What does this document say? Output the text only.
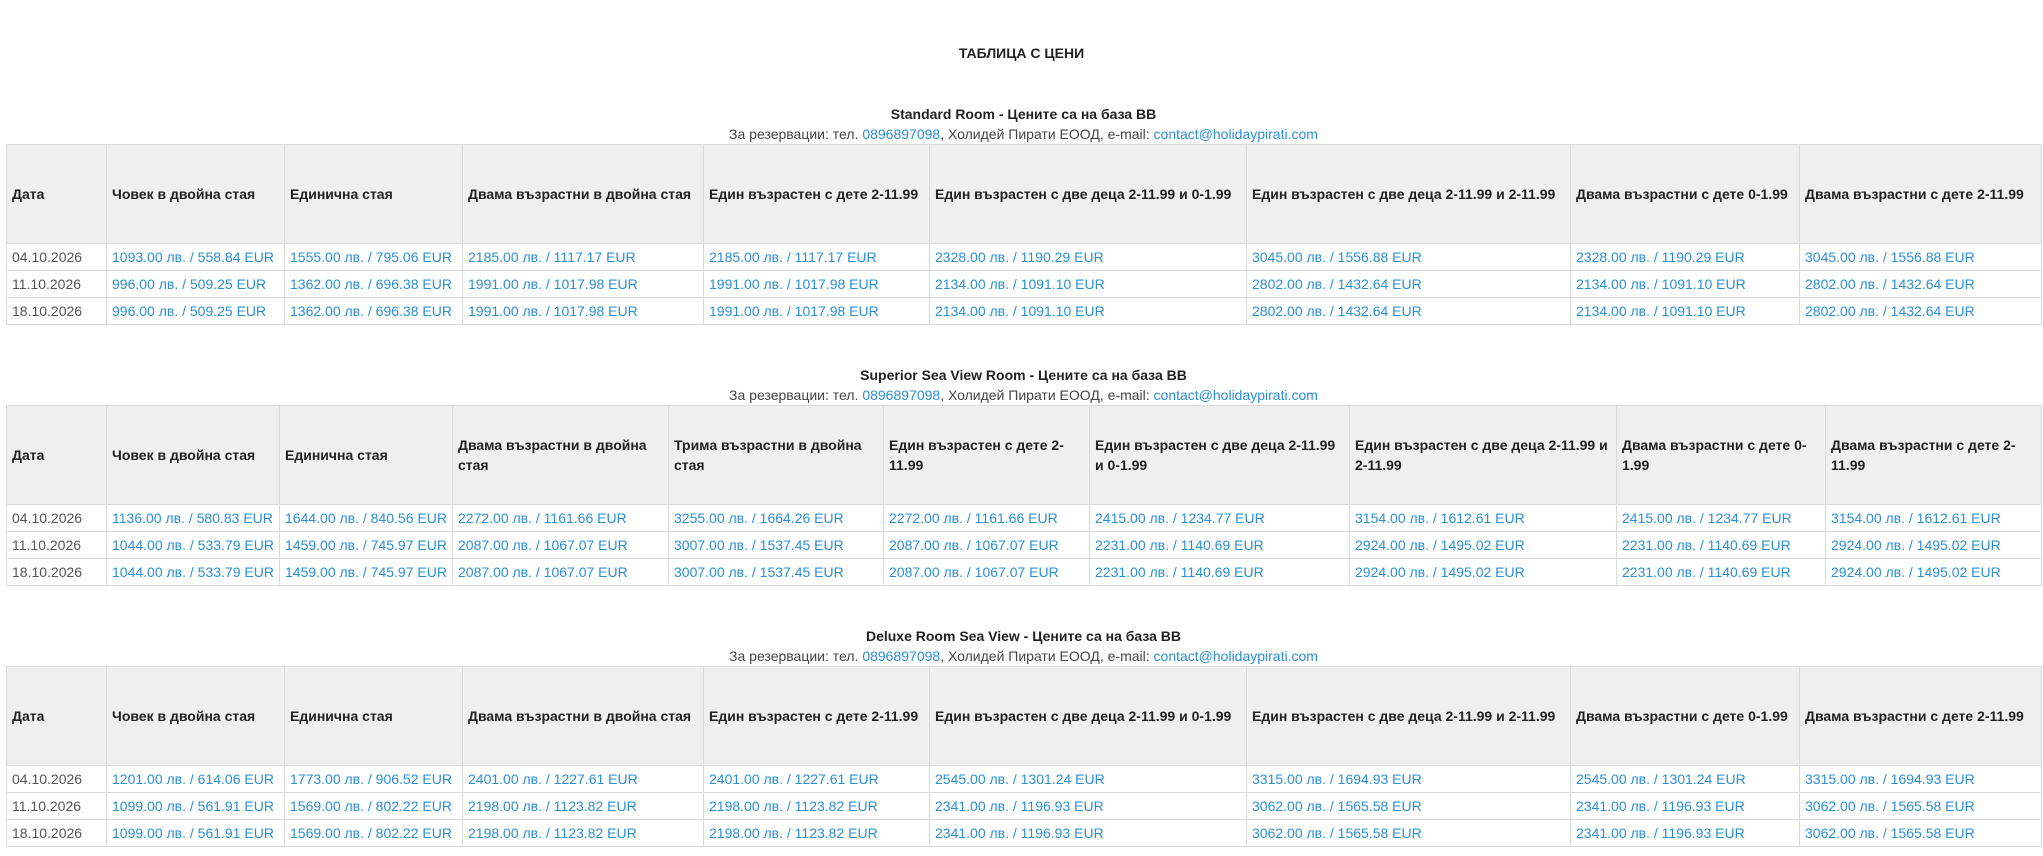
ТАБЛИЦА С ЦЕНИ
Standard Room - Цените са на база BB
За резервации: тел. 0896897098, Холидей Пирати ЕООД, e-mail: contact@holidaypirati.com
Дата	Човек в двойна стая	Единична стая	Двама възрастни в двойна стая	Един възрастен с дете 2-11.99	Един възрастен с две деца 2-11.99 и 0-1.99	Един възрастен с две деца 2-11.99 и 2-11.99	Двама възрастни с дете 0-1.99	Двама възрастни с дете 2-11.99
04.10.2026	1093.00 лв. / 558.84 EUR	1555.00 лв. / 795.06 EUR	2185.00 лв. / 1117.17 EUR	2185.00 лв. / 1117.17 EUR	2328.00 лв. / 1190.29 EUR	3045.00 лв. / 1556.88 EUR	2328.00 лв. / 1190.29 EUR	3045.00 лв. / 1556.88 EUR
11.10.2026	996.00 лв. / 509.25 EUR	1362.00 лв. / 696.38 EUR	1991.00 лв. / 1017.98 EUR	1991.00 лв. / 1017.98 EUR	2134.00 лв. / 1091.10 EUR	2802.00 лв. / 1432.64 EUR	2134.00 лв. / 1091.10 EUR	2802.00 лв. / 1432.64 EUR
18.10.2026	996.00 лв. / 509.25 EUR	1362.00 лв. / 696.38 EUR	1991.00 лв. / 1017.98 EUR	1991.00 лв. / 1017.98 EUR	2134.00 лв. / 1091.10 EUR	2802.00 лв. / 1432.64 EUR	2134.00 лв. / 1091.10 EUR	2802.00 лв. / 1432.64 EUR
Superior Sea View Room - Цените са на база BB
За резервации: тел. 0896897098, Холидей Пирати ЕООД, e-mail: contact@holidaypirati.com
Дата	Човек в двойна стая	Единична стая	Двама възрастни в двойна стая	Трима възрастни в двойна стая	Един възрастен с дете 2-11.99	Един възрастен с две деца 2-11.99 и 0-1.99	Един възрастен с две деца 2-11.99 и 2-11.99	Двама възрастни с дете 0-1.99	Двама възрастни с дете 2-11.99
04.10.2026	1136.00 лв. / 580.83 EUR	1644.00 лв. / 840.56 EUR	2272.00 лв. / 1161.66 EUR	3255.00 лв. / 1664.26 EUR	2272.00 лв. / 1161.66 EUR	2415.00 лв. / 1234.77 EUR	3154.00 лв. / 1612.61 EUR	2415.00 лв. / 1234.77 EUR	3154.00 лв. / 1612.61 EUR
11.10.2026	1044.00 лв. / 533.79 EUR	1459.00 лв. / 745.97 EUR	2087.00 лв. / 1067.07 EUR	3007.00 лв. / 1537.45 EUR	2087.00 лв. / 1067.07 EUR	2231.00 лв. / 1140.69 EUR	2924.00 лв. / 1495.02 EUR	2231.00 лв. / 1140.69 EUR	2924.00 лв. / 1495.02 EUR
18.10.2026	1044.00 лв. / 533.79 EUR	1459.00 лв. / 745.97 EUR	2087.00 лв. / 1067.07 EUR	3007.00 лв. / 1537.45 EUR	2087.00 лв. / 1067.07 EUR	2231.00 лв. / 1140.69 EUR	2924.00 лв. / 1495.02 EUR	2231.00 лв. / 1140.69 EUR	2924.00 лв. / 1495.02 EUR
Deluxe Room Sea View - Цените са на база BB
За резервации: тел. 0896897098, Холидей Пирати ЕООД, e-mail: contact@holidaypirati.com
Дата	Човек в двойна стая	Единична стая	Двама възрастни в двойна стая	Един възрастен с дете 2-11.99	Един възрастен с две деца 2-11.99 и 0-1.99	Един възрастен с две деца 2-11.99 и 2-11.99	Двама възрастни с дете 0-1.99	Двама възрастни с дете 2-11.99
04.10.2026	1201.00 лв. / 614.06 EUR	1773.00 лв. / 906.52 EUR	2401.00 лв. / 1227.61 EUR	2401.00 лв. / 1227.61 EUR	2545.00 лв. / 1301.24 EUR	3315.00 лв. / 1694.93 EUR	2545.00 лв. / 1301.24 EUR	3315.00 лв. / 1694.93 EUR
11.10.2026	1099.00 лв. / 561.91 EUR	1569.00 лв. / 802.22 EUR	2198.00 лв. / 1123.82 EUR	2198.00 лв. / 1123.82 EUR	2341.00 лв. / 1196.93 EUR	3062.00 лв. / 1565.58 EUR	2341.00 лв. / 1196.93 EUR	3062.00 лв. / 1565.58 EUR
18.10.2026	1099.00 лв. / 561.91 EUR	1569.00 лв. / 802.22 EUR	2198.00 лв. / 1123.82 EUR	2198.00 лв. / 1123.82 EUR	2341.00 лв. / 1196.93 EUR	3062.00 лв. / 1565.58 EUR	2341.00 лв. / 1196.93 EUR	3062.00 лв. / 1565.58 EUR
